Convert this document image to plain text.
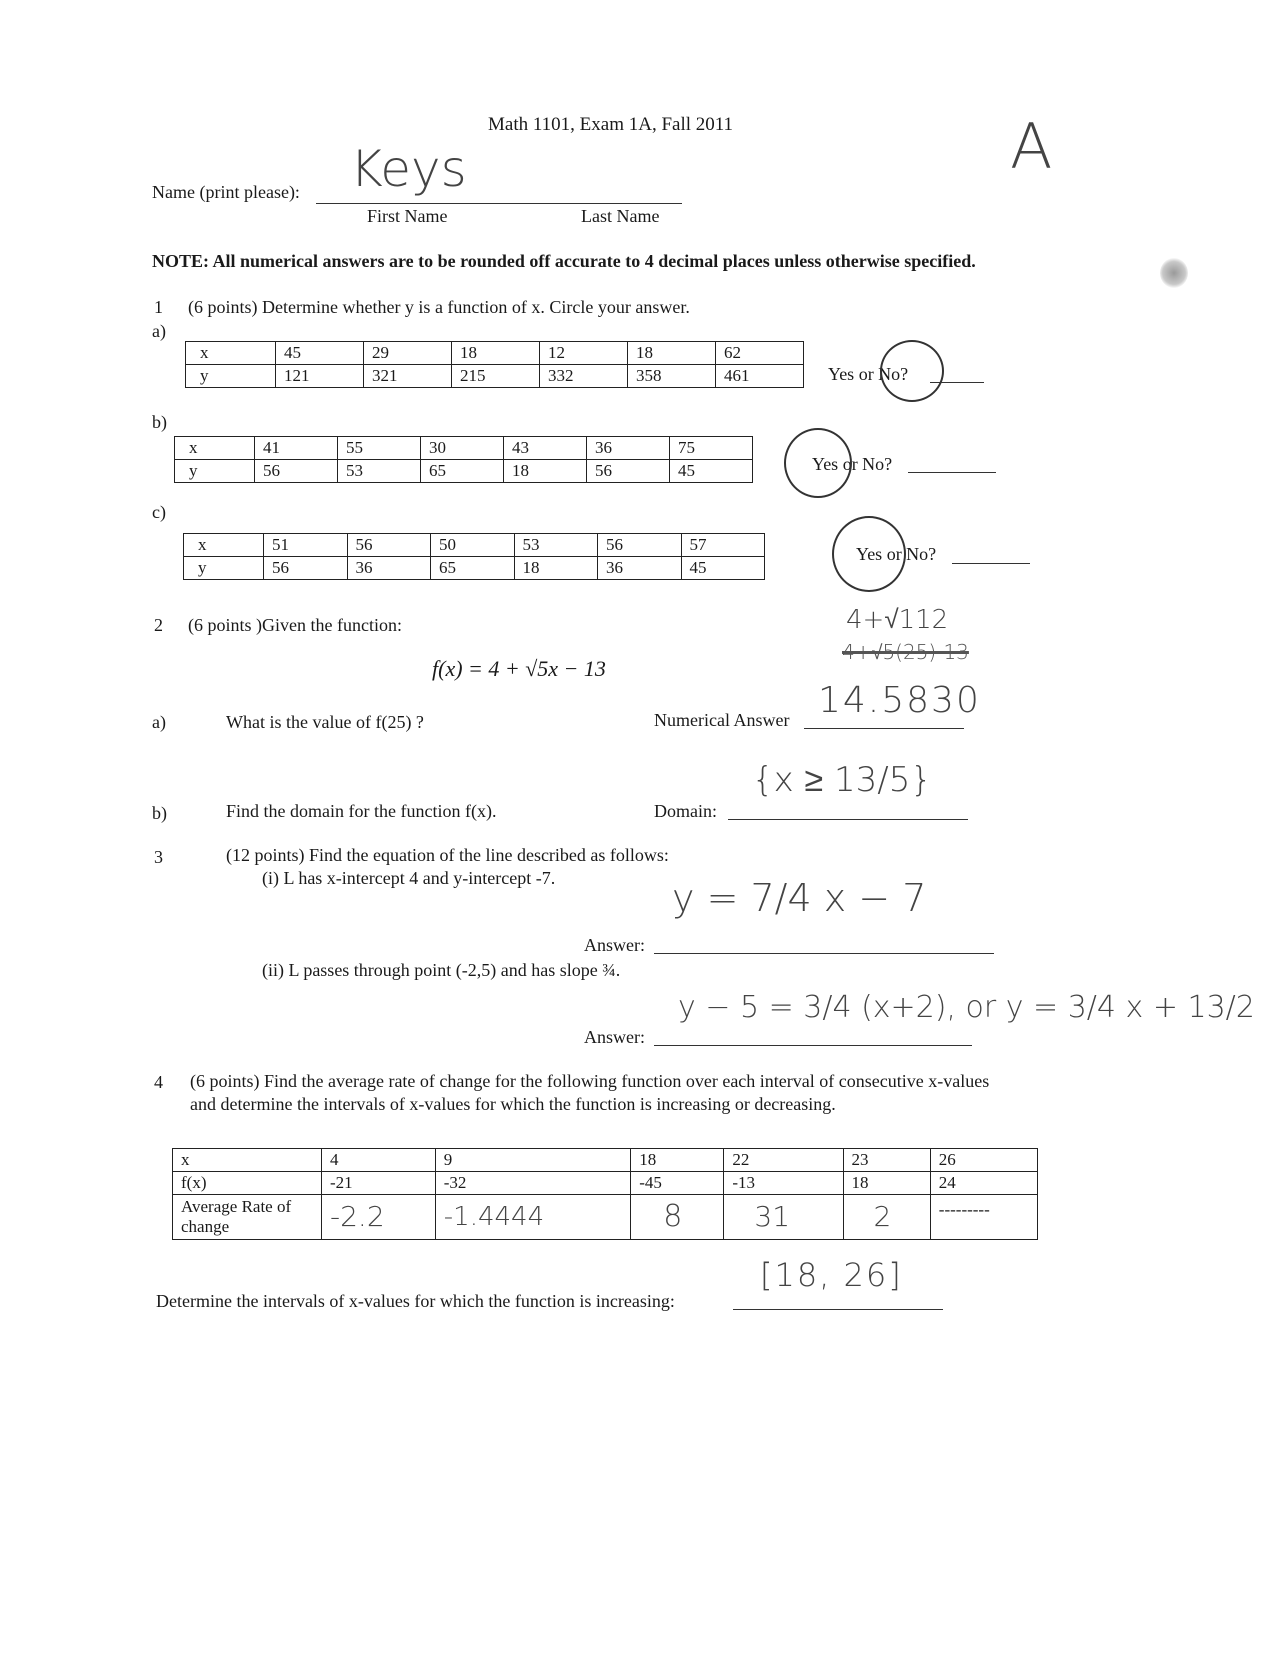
Math 1101, Exam 1A, Fall 2011	A
Name (print please): Keys
First Name	Last Name
NOTE: All numerical answers are to be rounded off accurate to 4 decimal places unless otherwise specified.
1 (6 points) Determine whether y is a function of x. Circle your answer.
a)
x	45	29	18	12	18	62
y	121	321	215	332	358	461	Yes or No?
b)
x	41	55	30	43	36	75
y	56	53	65	18	56	45	Yes or No?
c)
x	51	56	50	53	56	57
y	56	36	65	18	36	45
Yes or No?
2 (6 points )Given the function:
f(x) = 4 + √5x − 13
4+√112
4+√5(25)-13
a)	What is the value of f(25) ?	Numerical Answer 14.5830
b)	Find the domain for the function f(x).	Domain:
{x ≥ 13/5}
3	(12 points) Find the equation of the line described as follows:
(i) L has x-intercept 4 and y-intercept -7.	y = 7/4 x − 7
Answer:
(ii) L passes through point (-2,5) and has slope ¾.
y − 5 = 3/4 (x+2), or y = 3/4 x + 13/2
Answer:
4 (6 points) Find the average rate of change for the following function over each interval of consecutive x-values
and determine the intervals of x-values for which the function is increasing or decreasing.
x	4	9	18	22	23	26
f(x)	-21	-32	-45	-13	18	24
Average Rate of change	-2.2	-1.4444	8	31	2	---------
Determine the intervals of x-values for which the function is increasing:
[18, 26]
